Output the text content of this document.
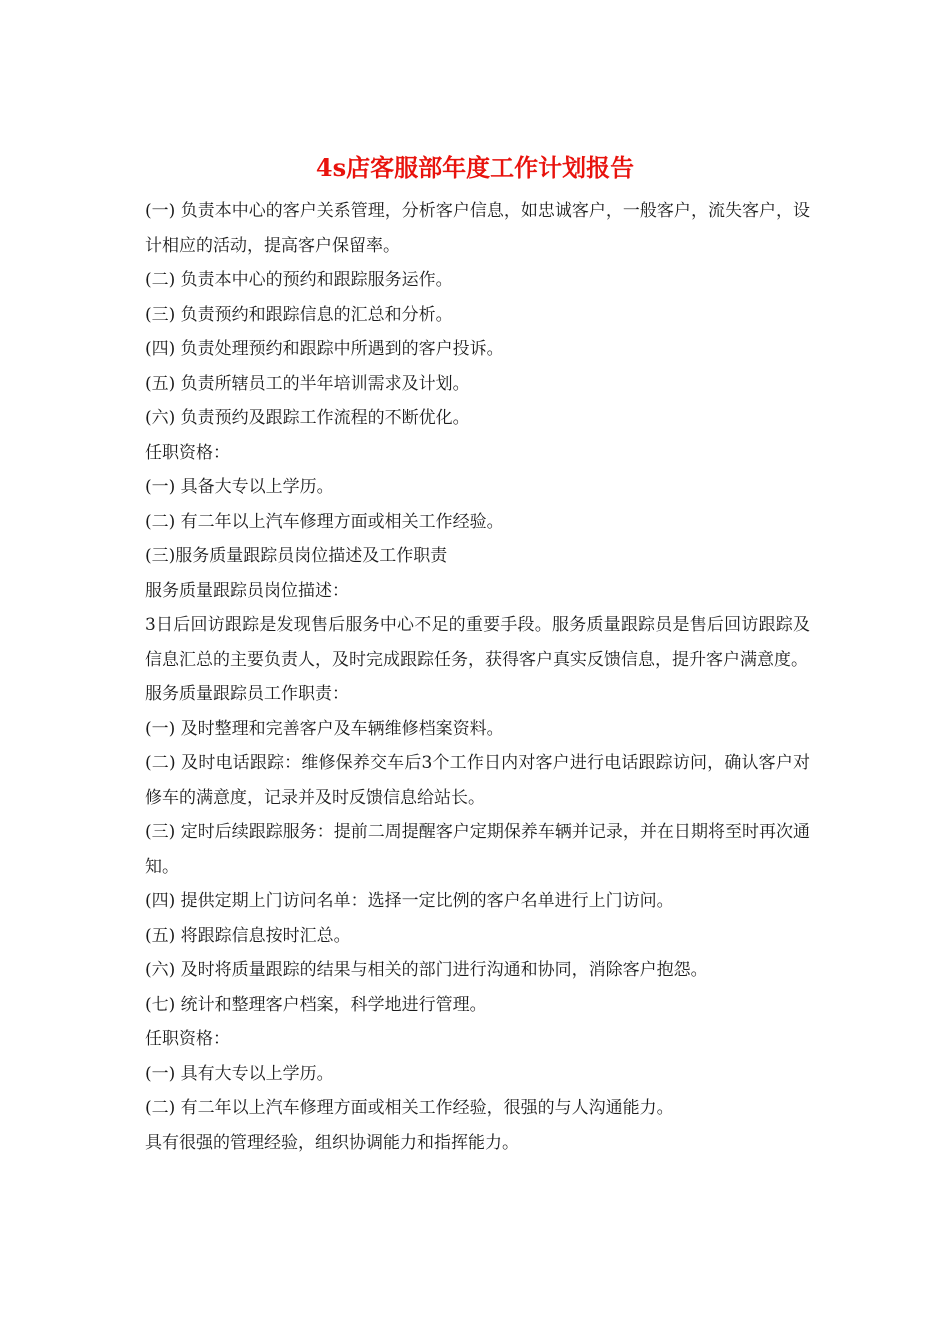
4s店客服部年度工作计划报告

(一) 负责本中心的客户关系管理，分析客户信息，如忠诚客户，一般客户，流失客户，设计相应的活动，提高客户保留率。

(二) 负责本中心的预约和跟踪服务运作。

(三) 负责预约和跟踪信息的汇总和分析。

(四) 负责处理预约和跟踪中所遇到的客户投诉。

(五) 负责所辖员工的半年培训需求及计划。

(六) 负责预约及跟踪工作流程的不断优化。

任职资格：

(一) 具备大专以上学历。

(二) 有二年以上汽车修理方面或相关工作经验。

(三)服务质量跟踪员岗位描述及工作职责

服务质量跟踪员岗位描述：

3日后回访跟踪是发现售后服务中心不足的重要手段。服务质量跟踪员是售后回访跟踪及信息汇总的主要负责人，及时完成跟踪任务，获得客户真实反馈信息，提升客户满意度。

服务质量跟踪员工作职责：

(一) 及时整理和完善客户及车辆维修档案资料。

(二) 及时电话跟踪：维修保养交车后3个工作日内对客户进行电话跟踪访问，确认客户对修车的满意度，记录并及时反馈信息给站长。

(三) 定时后续跟踪服务：提前二周提醒客户定期保养车辆并记录，并在日期将至时再次通知。

(四) 提供定期上门访问名单：选择一定比例的客户名单进行上门访问。

(五) 将跟踪信息按时汇总。

(六) 及时将质量跟踪的结果与相关的部门进行沟通和协同，消除客户抱怨。

(七) 统计和整理客户档案，科学地进行管理。

任职资格：

(一) 具有大专以上学历。

(二) 有二年以上汽车修理方面或相关工作经验，很强的与人沟通能力。

具有很强的管理经验，组织协调能力和指挥能力。
